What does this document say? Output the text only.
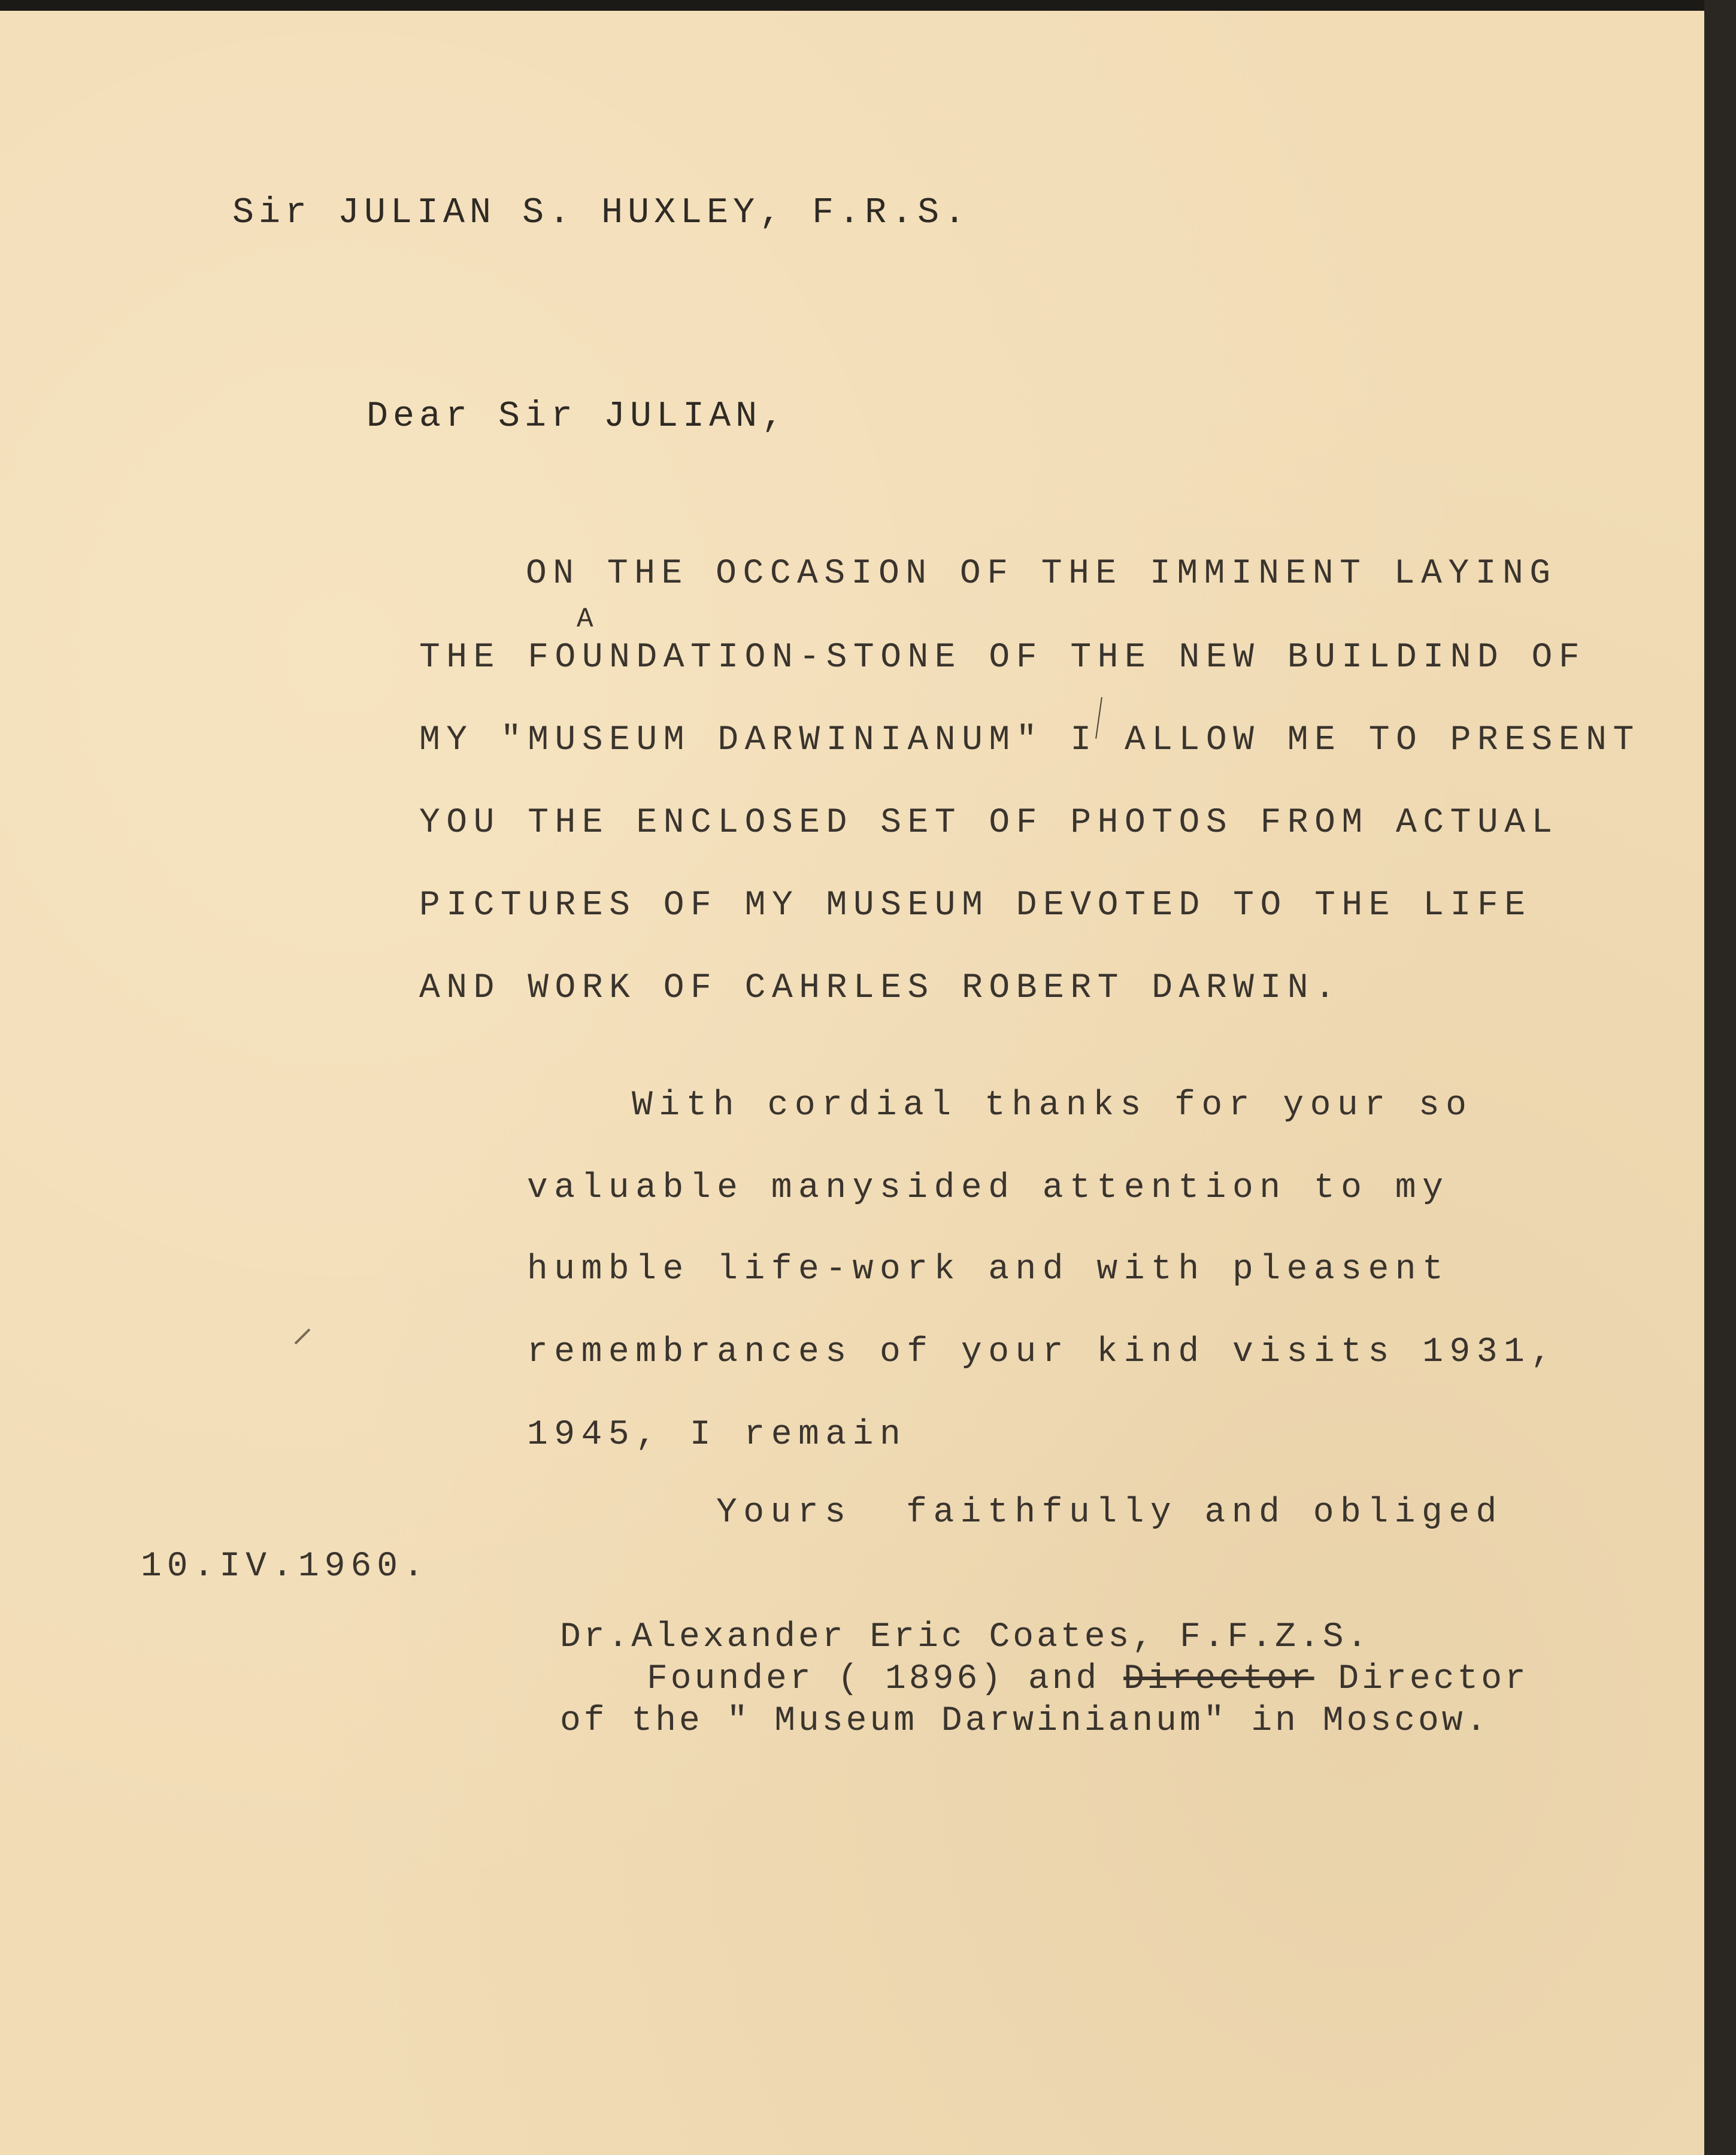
Sir JULIAN S. HUXLEY, F.R.S.
Dear Sir JULIAN,
ON THE OCCASION OF THE IMMINENT LAYING
A
THE FOUNDATION-STONE OF THE NEW BUILDIND OF
MY "MUSEUM DARWINIANUM" I ALLOW ME TO PRESENT
YOU THE ENCLOSED SET OF PHOTOS FROM ACTUAL
PICTURES OF MY MUSEUM DEVOTED TO THE LIFE
AND WORK OF CAHRLES ROBERT DARWIN.
With cordial thanks for your so
valuable manysided attention to my
humble life-work and with pleasent
remembrances of your kind visits 1931,
1945, I remain
Yours  faithfully and obliged
10.IV.1960.
Dr.Alexander Eric Coates, F.F.Z.S.
Founder ( 1896) and Director Director
of the " Museum Darwinianum" in Moscow.
